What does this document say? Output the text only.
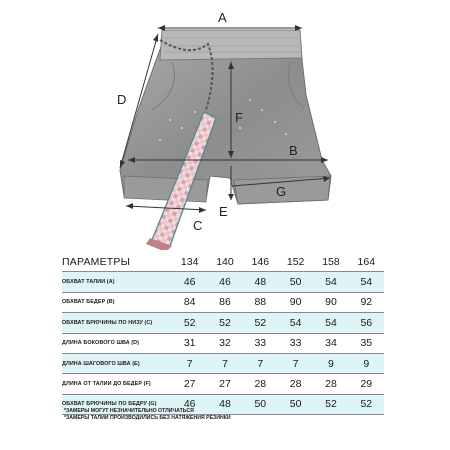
A
D
F
B
G
E
C
ПАРАМЕТРЫ	134	140	146	152	158	164
ОБХВАТ ТАЛИИ (A)	46	46	48	50	54	54
ОБХВАТ БЕДЕР (B)	84	86	88	90	90	92
ОБХВАТ БРЮЧИНЫ ПО НИЗУ (C)	52	52	52	54	54	56
ДЛИНА БОКОВОГО ШВА (D)	31	32	33	33	34	35
ДЛИНА ШАГОВОГО ШВА (E)	7	7	7	7	9	9
ДЛИНА ОТ ТАЛИИ ДО БЕДЕР (F)	27	27	28	28	28	29
ОБХВАТ БРЮЧИНЫ ПО БЕДРУ (G)	46	48	50	50	52	52
*ЗАМЕРЫ МОГУТ НЕЗНАЧИТЕЛЬНО ОТЛИЧАТЬСЯ
*ЗАМЕРЫ ТАЛИИ ПРОИЗВОДИЛИСЬ БЕЗ НАТЯЖЕНИЯ РЕЗИНКИ
